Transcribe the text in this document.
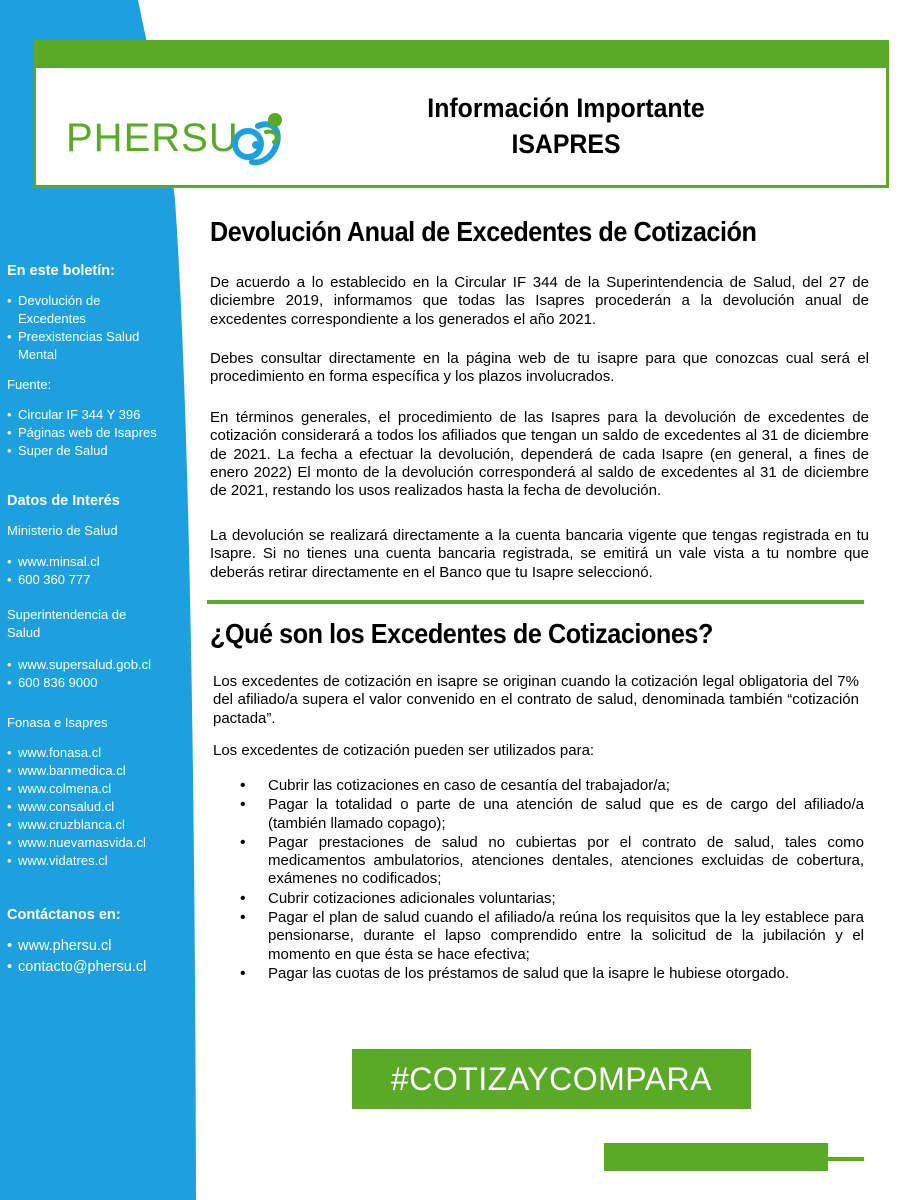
PHERSU
Información Importante
ISAPRES
En este boletín:
• Devolución de Excedentes
• Preexistencias Salud Mental
Fuente:
• Circular IF 344 Y 396
• Páginas web de Isapres
• Super de Salud
Datos de Interés
Ministerio de Salud
• www.minsal.cl
• 600 360 777
Superintendencia de Salud
• www.supersalud.gob.cl
• 600 836 9000
Fonasa e Isapres
• www.fonasa.cl
• www.banmedica.cl
• www.colmena.cl
• www.consalud.cl
• www.cruzblanca.cl
• www.nuevamasvida.cl
• www.vidatres.cl
Contáctanos en:
• www.phersu.cl
• contacto@phersu.cl
Devolución Anual de Excedentes de Cotización
De acuerdo a lo establecido en la Circular IF 344 de la Superintendencia de Salud, del 27 de diciembre 2019, informamos que todas las Isapres procederán a la devolución anual de excedentes correspondiente a los generados el año 2021.
Debes consultar directamente en la página web de tu isapre para que conozcas cual será el procedimiento en forma específica y los plazos involucrados.
En términos generales, el procedimiento de las Isapres para la devolución de excedentes de cotización considerará a todos los afiliados que tengan un saldo de excedentes al 31 de diciembre de 2021. La fecha a efectuar la devolución, dependerá de cada Isapre (en general, a fines de enero 2022) El monto de la devolución corresponderá al saldo de excedentes al 31 de diciembre de 2021, restando los usos realizados hasta la fecha de devolución.
La devolución se realizará directamente a la cuenta bancaria vigente que tengas registrada en tu Isapre. Si no tienes una cuenta bancaria registrada, se emitirá un vale vista a tu nombre que deberás retirar directamente en el Banco que tu Isapre seleccionó.
¿Qué son los Excedentes de Cotizaciones?
Los excedentes de cotización en isapre se originan cuando la cotización legal obligatoria del 7% del afiliado/a supera el valor convenido en el contrato de salud, denominada también “cotización pactada”.
Los excedentes de cotización pueden ser utilizados para:
• Cubrir las cotizaciones en caso de cesantía del trabajador/a;
• Pagar la totalidad o parte de una atención de salud que es de cargo del afiliado/a (también llamado copago);
• Pagar prestaciones de salud no cubiertas por el contrato de salud, tales como medicamentos ambulatorios, atenciones dentales, atenciones excluidas de cobertura, exámenes no codificados;
• Cubrir cotizaciones adicionales voluntarias;
• Pagar el plan de salud cuando el afiliado/a reúna los requisitos que la ley establece para pensionarse, durante el lapso comprendido entre la solicitud de la jubilación y el momento en que ésta se hace efectiva;
• Pagar las cuotas de los préstamos de salud que la isapre le hubiese otorgado.
#COTIZAYCOMPARA
